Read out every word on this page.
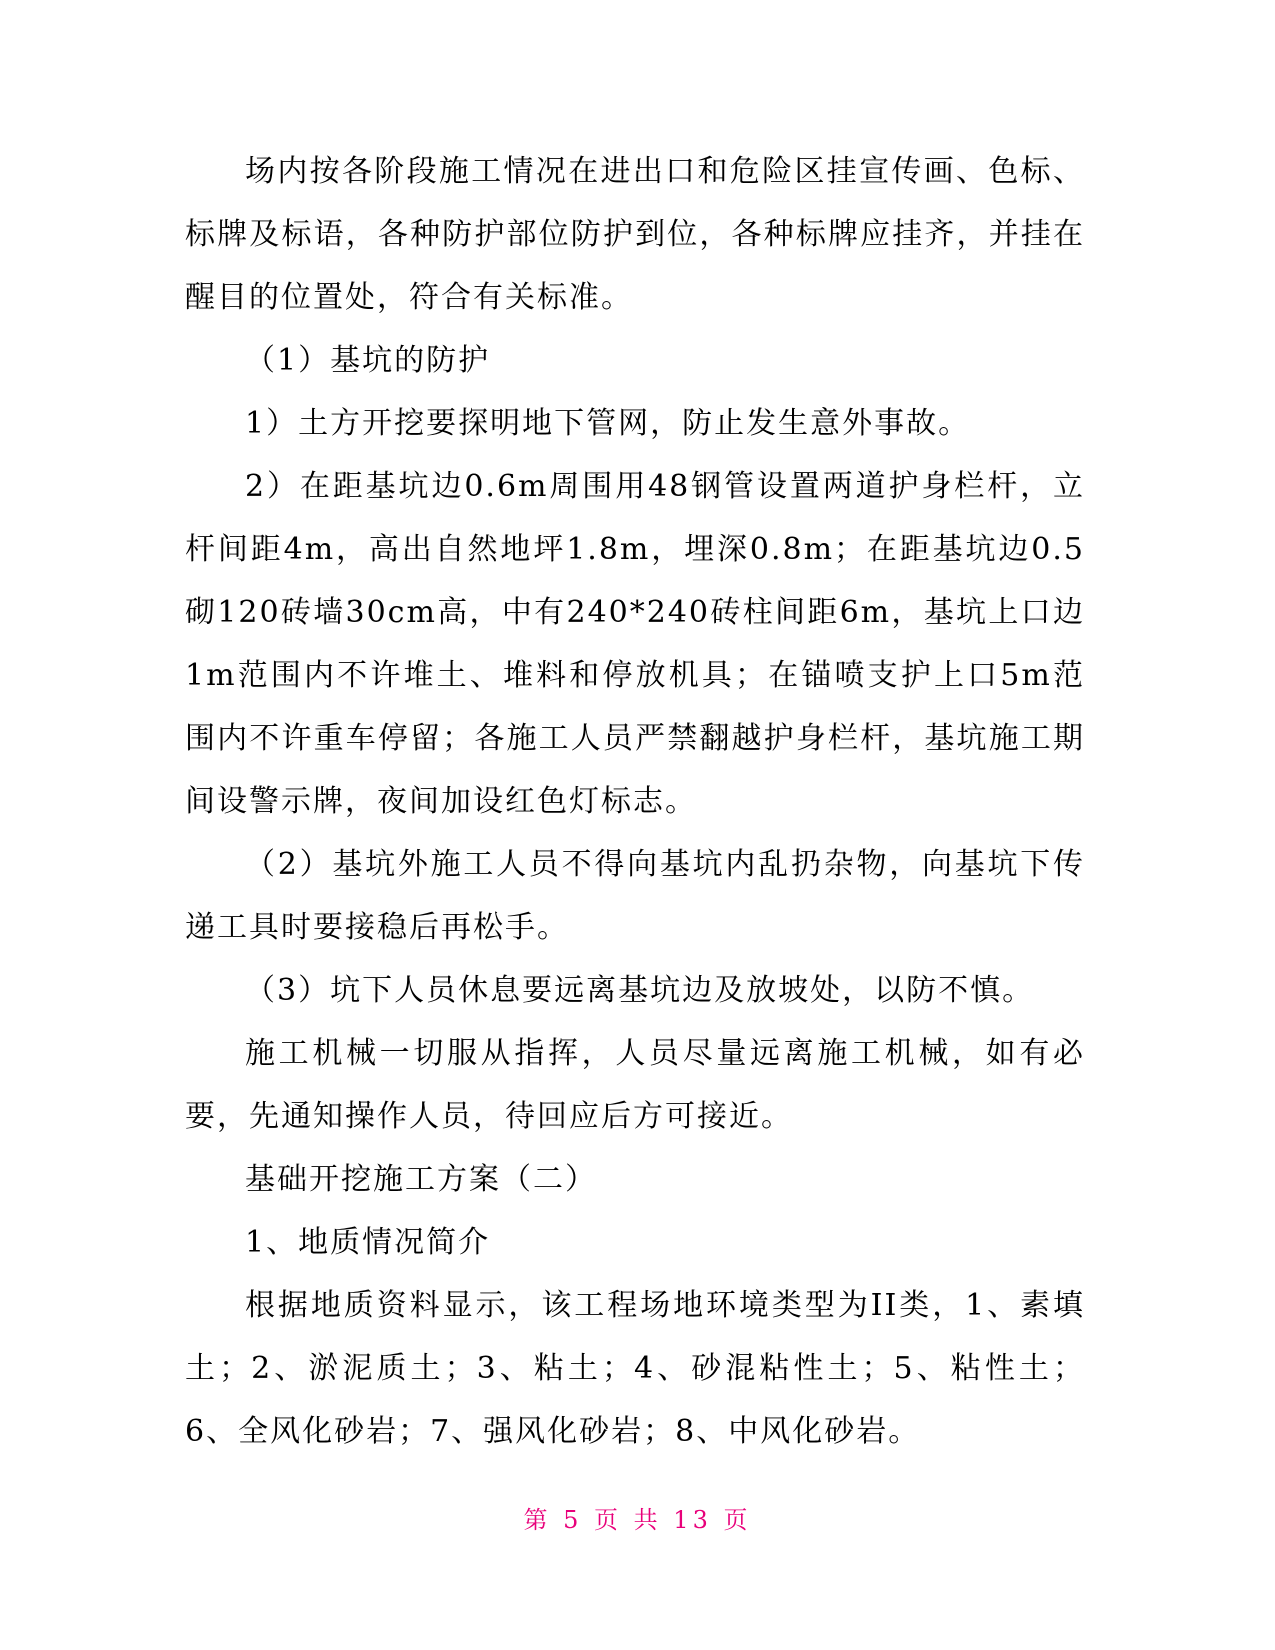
场内按各阶段施工情况在进出口和危险区挂宣传画、色标、标牌及标语，各种防护部位防护到位，各种标牌应挂齐，并挂在醒目的位置处，符合有关标准。

（1）基坑的防护

1）土方开挖要探明地下管网，防止发生意外事故。

2）在距基坑边0.6m周围用48钢管设置两道护身栏杆，立杆间距4m，高出自然地坪1.8m，埋深0.8m；在距基坑边0.5砌120砖墙30cm高，中有240*240砖柱间距6m，基坑上口边1m范围内不许堆土、堆料和停放机具；在锚喷支护上口5m范围内不许重车停留；各施工人员严禁翻越护身栏杆，基坑施工期间设警示牌，夜间加设红色灯标志。

（2）基坑外施工人员不得向基坑内乱扔杂物，向基坑下传递工具时要接稳后再松手。

（3）坑下人员休息要远离基坑边及放坡处，以防不慎。

施工机械一切服从指挥，人员尽量远离施工机械，如有必要，先通知操作人员，待回应后方可接近。

基础开挖施工方案（二）

1、地质情况简介

根据地质资料显示，该工程场地环境类型为II类，1、素填土；2、淤泥质土；3、粘土；4、砂混粘性土；5、粘性土；6、全风化砂岩；7、强风化砂岩；8、中风化砂岩。

第 5 页 共 13 页
